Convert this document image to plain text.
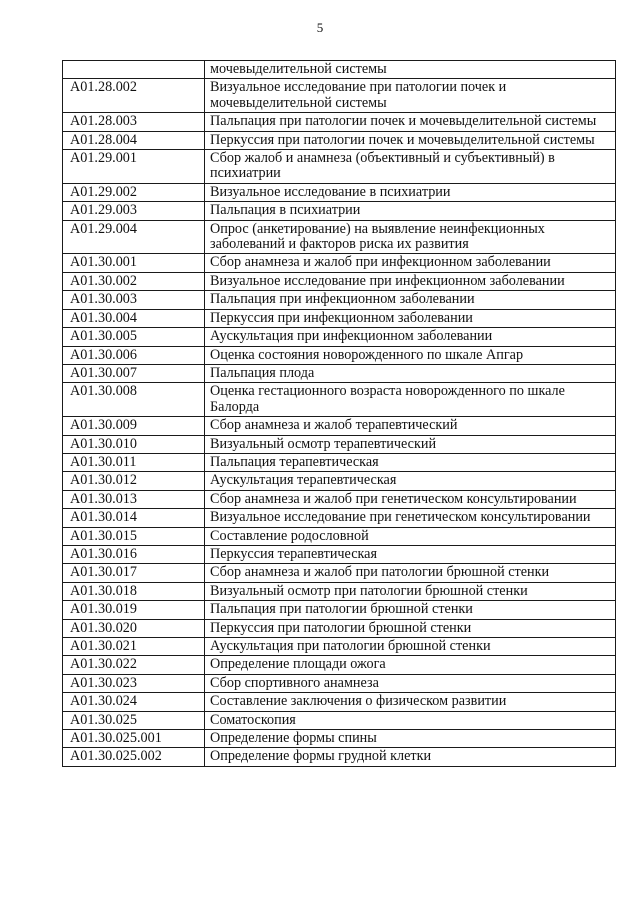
5
	мочевыделительной системы
A01.28.002	Визуальное исследование при патологии почек и мочевыделительной системы
A01.28.003	Пальпация при патологии почек и мочевыделительной системы
A01.28.004	Перкуссия при патологии почек и мочевыделительной системы
A01.29.001	Сбор жалоб и анамнеза (объективный и субъективный) в психиатрии
A01.29.002	Визуальное исследование в психиатрии
A01.29.003	Пальпация в психиатрии
A01.29.004	Опрос (анкетирование) на выявление неинфекционных заболеваний и факторов риска их развития
A01.30.001	Сбор анамнеза и жалоб при инфекционном заболевании
A01.30.002	Визуальное исследование при инфекционном заболевании
A01.30.003	Пальпация при инфекционном заболевании
A01.30.004	Перкуссия при инфекционном заболевании
A01.30.005	Аускультация при инфекционном заболевании
A01.30.006	Оценка состояния новорожденного по шкале Апгар
A01.30.007	Пальпация плода
A01.30.008	Оценка гестационного возраста новорожденного по шкале Балорда
A01.30.009	Сбор анамнеза и жалоб терапевтический
A01.30.010	Визуальный осмотр терапевтический
A01.30.011	Пальпация терапевтическая
A01.30.012	Аускультация терапевтическая
A01.30.013	Сбор анамнеза и жалоб при генетическом консультировании
A01.30.014	Визуальное исследование при генетическом консультировании
A01.30.015	Составление родословной
A01.30.016	Перкуссия терапевтическая
A01.30.017	Сбор анамнеза и жалоб при патологии брюшной стенки
A01.30.018	Визуальный осмотр при патологии брюшной стенки
A01.30.019	Пальпация при патологии брюшной стенки
A01.30.020	Перкуссия при патологии брюшной стенки
A01.30.021	Аускультация при патологии брюшной стенки
A01.30.022	Определение площади ожога
A01.30.023	Сбор спортивного анамнеза
A01.30.024	Составление заключения о физическом развитии
A01.30.025	Соматоскопия
A01.30.025.001	Определение формы спины
A01.30.025.002	Определение формы грудной клетки
